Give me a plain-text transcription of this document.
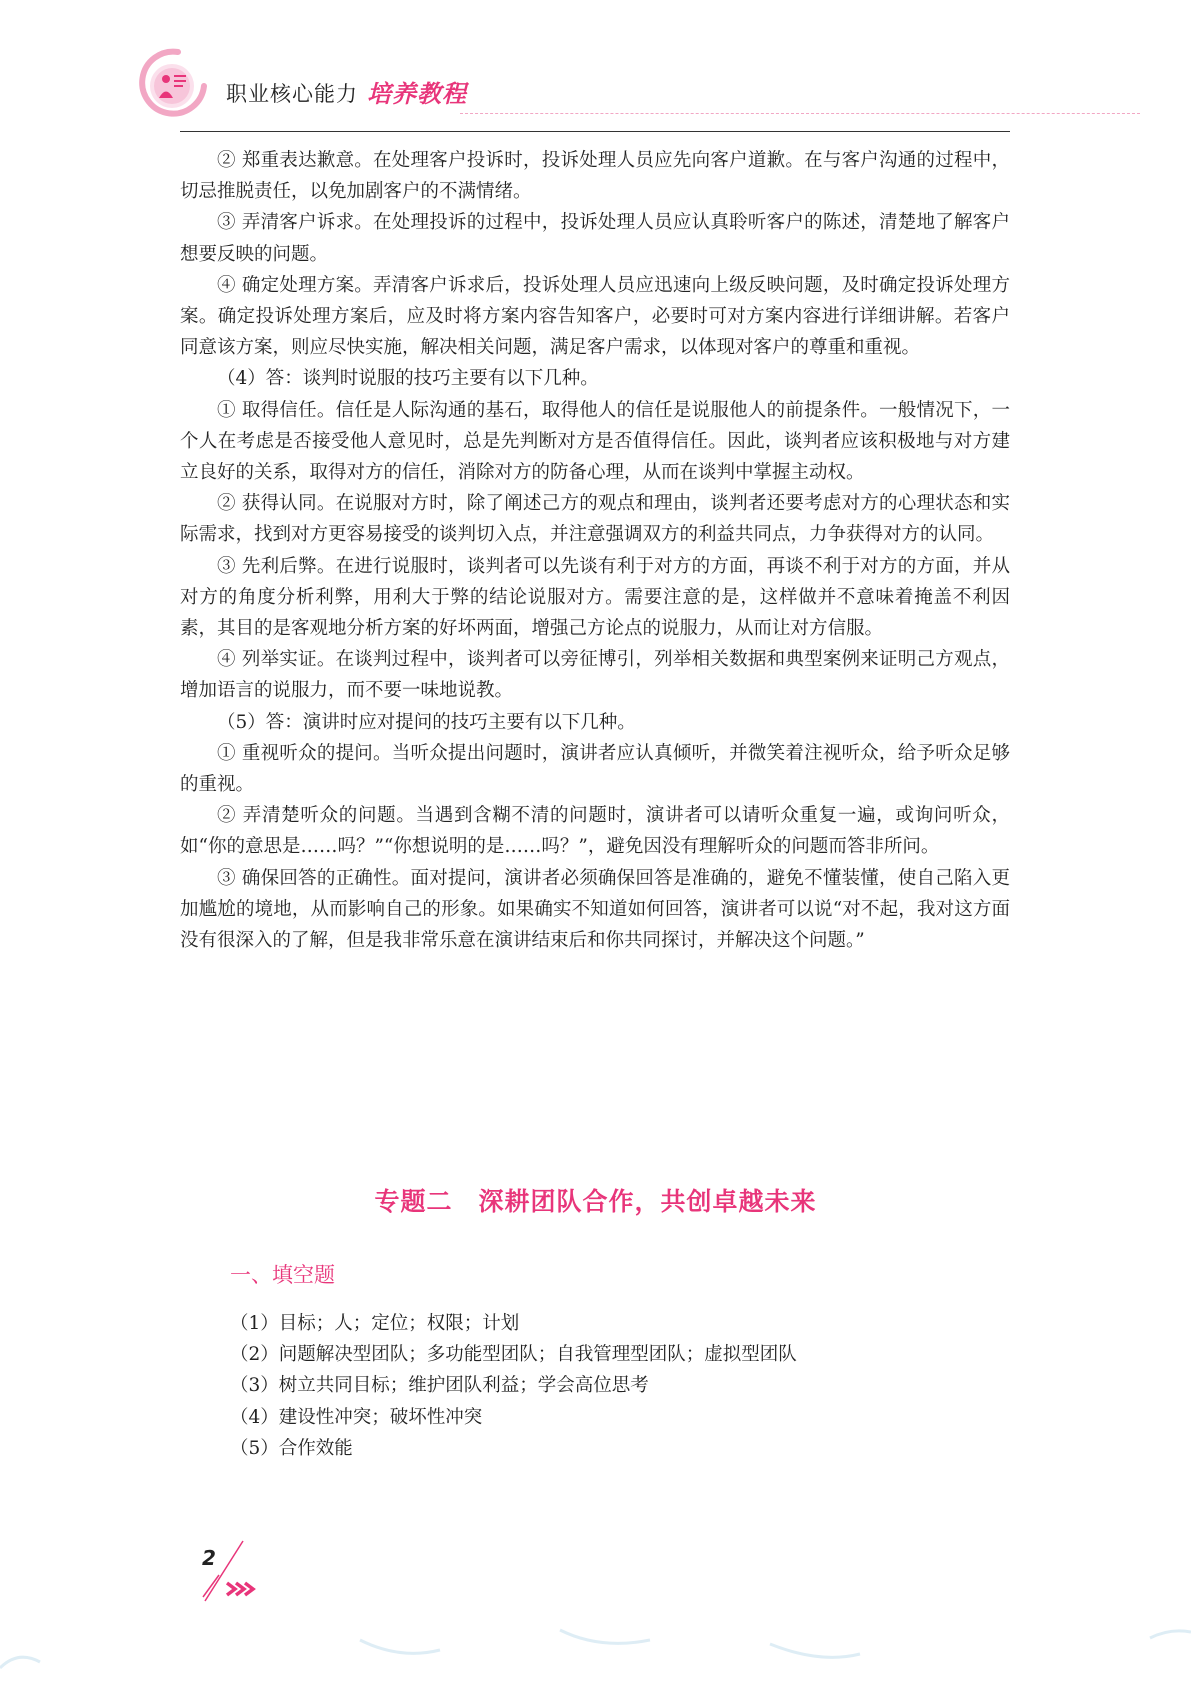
职业核心能力 培养教程

② 郑重表达歉意。在处理客户投诉时，投诉处理人员应先向客户道歉。在与客户沟通的过程中，切忌推脱责任，以免加剧客户的不满情绪。

③ 弄清客户诉求。在处理投诉的过程中，投诉处理人员应认真聆听客户的陈述，清楚地了解客户想要反映的问题。

④ 确定处理方案。弄清客户诉求后，投诉处理人员应迅速向上级反映问题，及时确定投诉处理方案。确定投诉处理方案后，应及时将方案内容告知客户，必要时可对方案内容进行详细讲解。若客户同意该方案，则应尽快实施，解决相关问题，满足客户需求，以体现对客户的尊重和重视。

（4）答：谈判时说服的技巧主要有以下几种。

① 取得信任。信任是人际沟通的基石，取得他人的信任是说服他人的前提条件。一般情况下，一个人在考虑是否接受他人意见时，总是先判断对方是否值得信任。因此，谈判者应该积极地与对方建立良好的关系，取得对方的信任，消除对方的防备心理，从而在谈判中掌握主动权。

② 获得认同。在说服对方时，除了阐述己方的观点和理由，谈判者还要考虑对方的心理状态和实际需求，找到对方更容易接受的谈判切入点，并注意强调双方的利益共同点，力争获得对方的认同。

③ 先利后弊。在进行说服时，谈判者可以先谈有利于对方的方面，再谈不利于对方的方面，并从对方的角度分析利弊，用利大于弊的结论说服对方。需要注意的是，这样做并不意味着掩盖不利因素，其目的是客观地分析方案的好坏两面，增强己方论点的说服力，从而让对方信服。

④ 列举实证。在谈判过程中，谈判者可以旁征博引，列举相关数据和典型案例来证明己方观点，增加语言的说服力，而不要一味地说教。

（5）答：演讲时应对提问的技巧主要有以下几种。

① 重视听众的提问。当听众提出问题时，演讲者应认真倾听，并微笑着注视听众，给予听众足够的重视。

② 弄清楚听众的问题。当遇到含糊不清的问题时，演讲者可以请听众重复一遍，或询问听众，如“你的意思是……吗？”“你想说明的是……吗？”，避免因没有理解听众的问题而答非所问。

③ 确保回答的正确性。面对提问，演讲者必须确保回答是准确的，避免不懂装懂，使自己陷入更加尴尬的境地，从而影响自己的形象。如果确实不知道如何回答，演讲者可以说“对不起，我对这方面没有很深入的了解，但是我非常乐意在演讲结束后和你共同探讨，并解决这个问题。”

专题二　深耕团队合作，共创卓越未来
一、填空题
（1）目标；人；定位；权限；计划
（2）问题解决型团队；多功能型团队；自我管理型团队；虚拟型团队
（3）树立共同目标；维护团队利益；学会高位思考
（4）建设性冲突；破坏性冲突
（5）合作效能
2
